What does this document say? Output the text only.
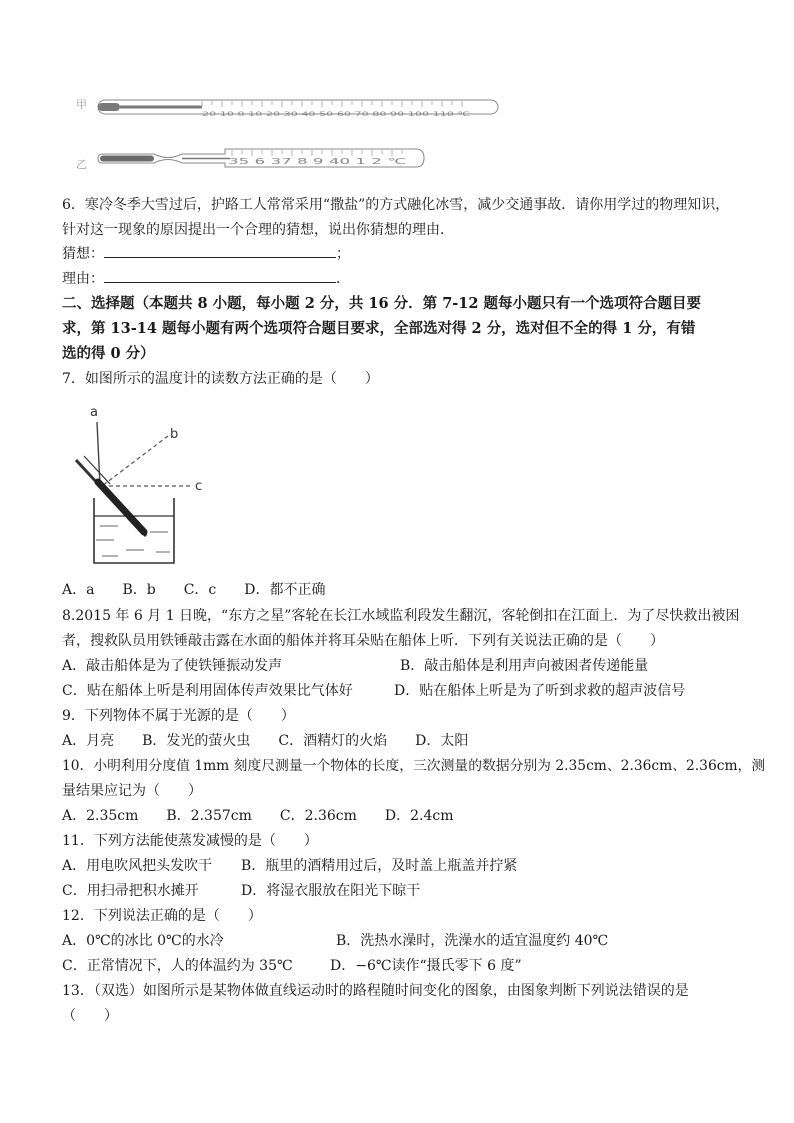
甲
20 10 0 10 20 30 40 50 60 70 80 90 100 110 ℃
乙	35 6 37 8 9 40 1 2 ℃
6．寒冷冬季大雪过后，护路工人常常采用“撒盐”的方式融化冰雪，减少交通事故．请你用学过的物理知识，
针对这一现象的原因提出一个合理的猜想，说出你猜想的理由．
猜想：	；
理由：	．
二、选择题（本题共 8 小题，每小题 2 分，共 16 分．第 7-12 题每小题只有一个选项符合题目要
求，第 13-14 题每小题有两个选项符合题目要求，全部选对得 2 分，选对但不全的得 1 分，有错
选的得 0 分）
7．如图所示的温度计的读数方法正确的是（　　）
a
b
c
A．a　　B．b　　C．c　　D．都不正确
8.2015 年 6 月 1 日晚，“东方之星”客轮在长江水域监利段发生翻沉，客轮倒扣在江面上．为了尽快救出被困
者，搜救队员用铁锤敲击露在水面的船体并将耳朵贴在船体上听．下列有关说法正确的是（　　）
A．敲击船体是为了使铁锤振动发声	B．敲击船体是利用声向被困者传递能量
C．贴在船体上听是利用固体传声效果比气体好	D．贴在船体上听是为了听到求救的超声波信号
9．下列物体不属于光源的是（　　）
A．月亮　　B．发光的萤火虫　　C．酒精灯的火焰　　D．太阳
10．小明利用分度值 1mm 刻度尺测量一个物体的长度，三次测量的数据分别为 2.35cm、2.36cm、2.36cm，测
量结果应记为（　　）
A．2.35cm　　B．2.357cm　　C．2.36cm　　D．2.4cm
11．下列方法能使蒸发减慢的是（　　）
A．用电吹风把头发吹干 B．瓶里的酒精用过后，及时盖上瓶盖并拧紧
C．用扫帚把积水摊开	D．将湿衣服放在阳光下晾干
12．下列说法正确的是（　　）
A．0℃的冰比 0℃的水冷	B．洗热水澡时，洗澡水的适宜温度约 40℃
C．正常情况下，人的体温约为 35℃	D．−6℃读作“摄氏零下 6 度”
13．（双选）如图所示是某物体做直线运动时的路程随时间变化的图象，由图象判断下列说法错误的是
（　　）
